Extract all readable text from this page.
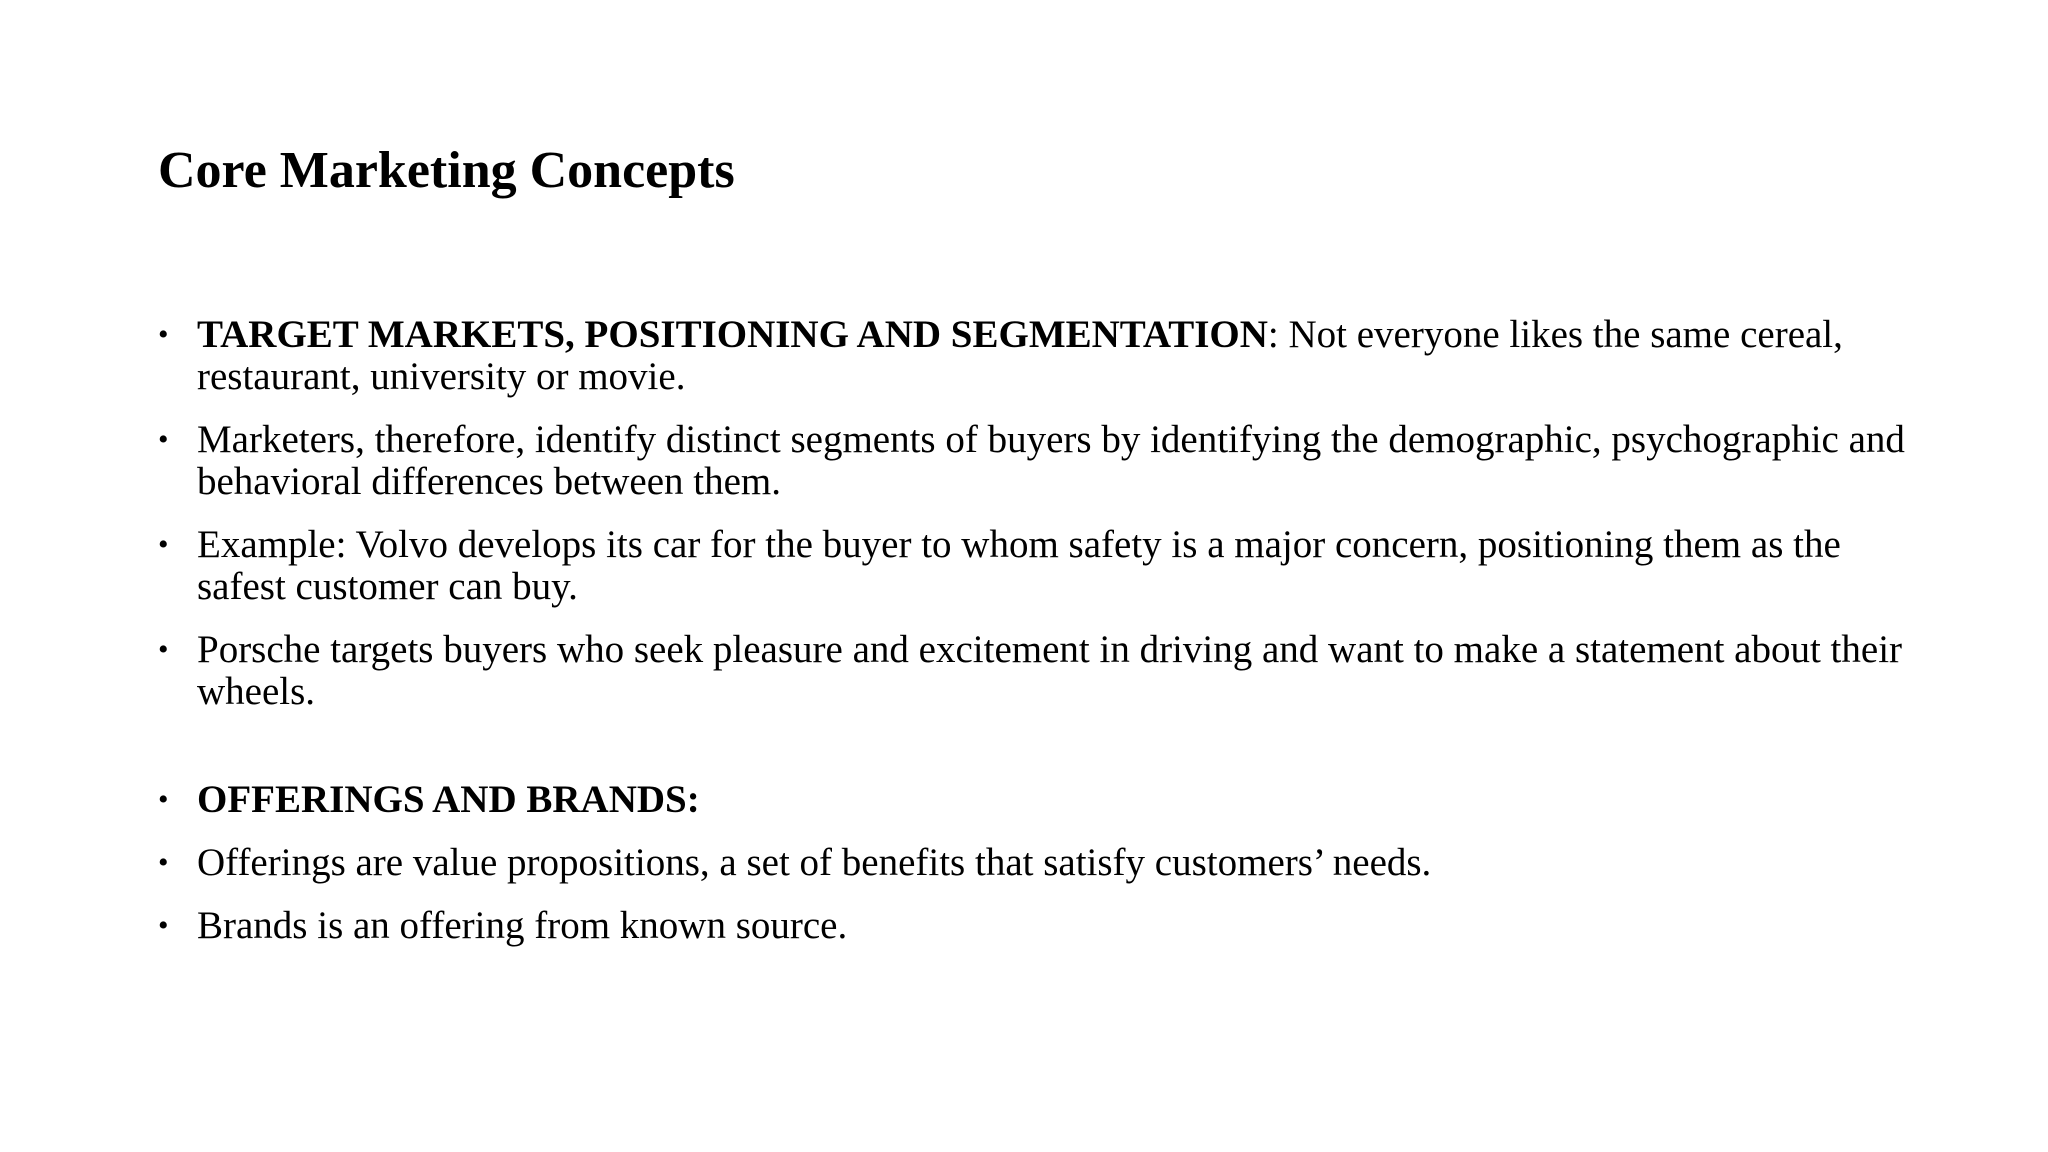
Core Marketing Concepts
• TARGET MARKETS, POSITIONING AND SEGMENTATION: Not everyone likes the same cereal, restaurant, university or movie.
• Marketers, therefore, identify distinct segments of buyers by identifying the demographic, psychographic and behavioral differences between them.
• Example: Volvo develops its car for the buyer to whom safety is a major concern, positioning them as the safest customer can buy.
• Porsche targets buyers who seek pleasure and excitement in driving and want to make a statement about their wheels.
• OFFERINGS AND BRANDS:
• Offerings are value propositions, a set of benefits that satisfy customers’ needs.
• Brands is an offering from known source.
